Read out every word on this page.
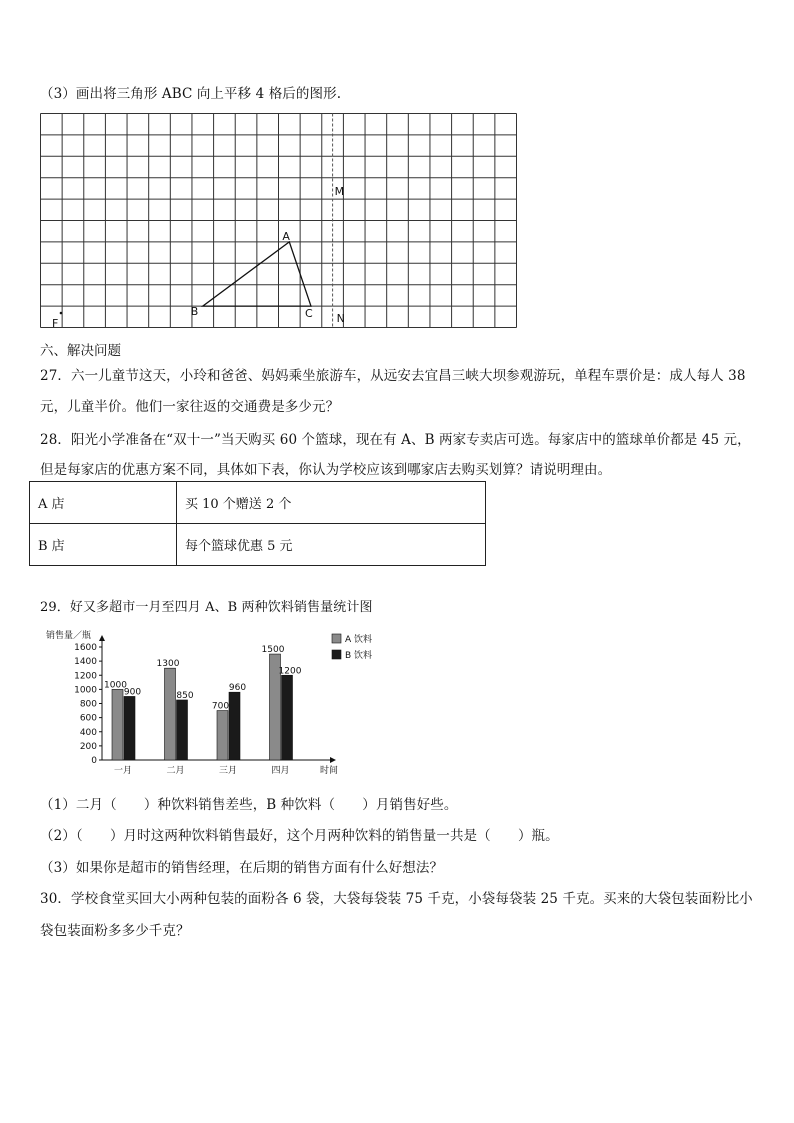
（3）画出将三角形 ABC 向上平移 4 格后的图形.
A
B	C
M
N
F
六、解决问题
27．六一儿童节这天，小玲和爸爸、妈妈乘坐旅游车，从远安去宜昌三峡大坝参观游玩，单程车票价是：成人每人 38
元，儿童半价。他们一家往返的交通费是多少元？
28．阳光小学准备在“双十一”当天购买 60 个篮球，现在有 A、B 两家专卖店可选。每家店中的篮球单价都是 45 元，
但是每家店的优惠方案不同，具体如下表，你认为学校应该到哪家店去购买划算？请说明理由。
A 店	买 10 个赠送 2 个
B 店	每个篮球优惠 5 元
29．好又多超市一月至四月 A、B 两种饮料销售量统计图
销售量／瓶
0
200
400
600
800
1000
1200
1400
1600
时间
1000
900
一月
1300
850
二月
700
960
三月
1500
1200
四月
A 饮料
B 饮料
（1）二月（　　）种饮料销售差些，B 种饮料（　　）月销售好些。
（2）（　　）月时这两种饮料销售最好，这个月两种饮料的销售量一共是（　　）瓶。
（3）如果你是超市的销售经理，在后期的销售方面有什么好想法？
30．学校食堂买回大小两种包装的面粉各 6 袋，大袋每袋装 75 千克，小袋每袋装 25 千克。买来的大袋包装面粉比小
袋包装面粉多多少千克？
